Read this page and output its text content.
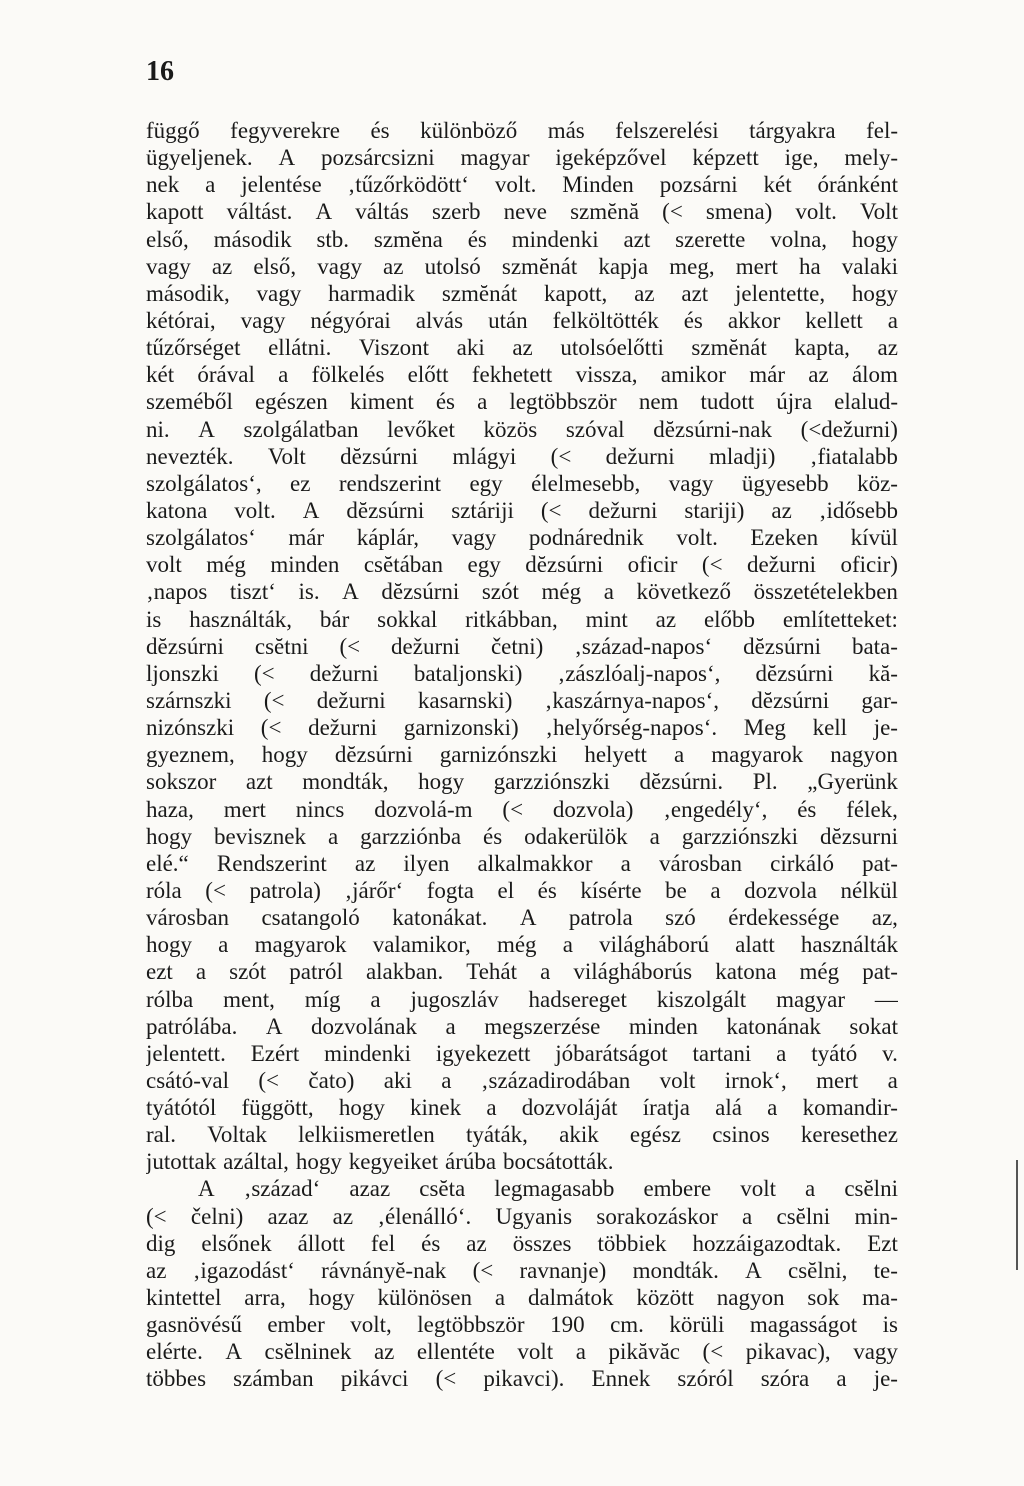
16
függő fegyverekre és különböző más felszerelési tárgyakra fel-
ügyeljenek. A pozsárcsizni magyar igeképzővel képzett ige, mely-
nek a jelentése ‚tűzőrködött‘ volt. Minden pozsárni két óránként
kapott váltást. A váltás szerb neve szmĕnă (< smena) volt. Volt
első, második stb. szmĕna és mindenki azt szerette volna, hogy
vagy az első, vagy az utolsó szmĕnát kapja meg, mert ha valaki
második, vagy harmadik szmĕnát kapott, az azt jelentette, hogy
kétórai, vagy négyórai alvás után felköltötték és akkor kellett a
tűzőrséget ellátni. Viszont aki az utolsóelőtti szmĕnát kapta, az
két órával a fölkelés előtt fekhetett vissza, amikor már az álom
szeméből egészen kiment és a legtöbbször nem tudott újra elalud-
ni. A szolgálatban levőket közös szóval dĕzsúrni-nak (<dežurni)
nevezték. Volt dĕzsúrni mlágyi (< dežurni mladji) ‚fiatalabb
szolgálatos‘, ez rendszerint egy élelmesebb, vagy ügyesebb köz-
katona volt. A dĕzsúrni sztáriji (< dežurni stariji) az ‚idősebb
szolgálatos‘ már káplár, vagy podnárednik volt. Ezeken kívül
volt még minden csĕtában egy dĕzsúrni oficir (< dežurni oficir)
‚napos tiszt‘ is. A dĕzsúrni szót még a következő összetételekben
is használták, bár sokkal ritkábban, mint az előbb említetteket:
dĕzsúrni csĕtni (< dežurni četni) ‚század-napos‘ dĕzsúrni bata-
ljonszki (< dežurni bataljonski) ‚zászlóalj-napos‘, dĕzsúrni kă-
szárnszki (< dežurni kasarnski) ‚kaszárnya-napos‘, dĕzsúrni gar-
nizónszki (< dežurni garnizonski) ‚helyőrség-napos‘. Meg kell je-
gyeznem, hogy dĕzsúrni garnizónszki helyett a magyarok nagyon
sokszor azt mondták, hogy garzziónszki dĕzsúrni. Pl. „Gyerünk
haza, mert nincs dozvolá-m (< dozvola) ‚engedély‘, és félek,
hogy bevisznek a garzziónba és odakerülök a garzziónszki dĕzsurni
elé.“ Rendszerint az ilyen alkalmakkor a városban cirkáló pat-
róla (< patrola) ‚járőr‘ fogta el és kísérte be a dozvola nélkül
városban csatangoló katonákat. A patrola szó érdekessége az,
hogy a magyarok valamikor, még a világháború alatt használták
ezt a szót patról alakban. Tehát a világháborús katona még pat-
rólba ment, míg a jugoszláv hadsereget kiszolgált magyar —
patrólába. A dozvolának a megszerzése minden katonának sokat
jelentett. Ezért mindenki igyekezett jóbarátságot tartani a tyátó v.
csátó-val (< čato) aki a ‚századirodában volt irnok‘, mert a
tyátótól függött, hogy kinek a dozvoláját íratja alá a komandir-
ral. Voltak lelkiismeretlen tyáták, akik egész csinos keresethez
jutottak azáltal, hogy kegyeiket árúba bocsátották.
A ‚század‘ azaz csĕta legmagasabb embere volt a csĕlni
(< čelni) azaz az ‚élenálló‘. Ugyanis sorakozáskor a csĕlni min-
dig elsőnek állott fel és az összes többiek hozzáigazodtak. Ezt
az ‚igazodást‘ rávnányĕ-nak (< ravnanje) mondták. A csĕlni, te-
kintettel arra, hogy különösen a dalmátok között nagyon sok ma-
gasnövésű ember volt, legtöbbször 190 cm. körüli magasságot is
elérte. A csĕlninek az ellentéte volt a pikăvăc (< pikavac), vagy
többes számban pikávci (< pikavci). Ennek szóról szóra a je-
